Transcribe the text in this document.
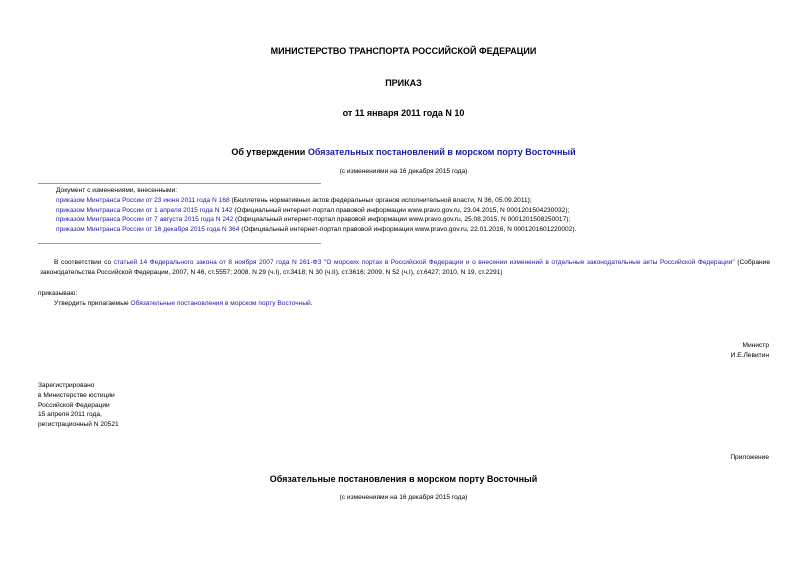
МИНИСТЕРСТВО ТРАНСПОРТА РОССИЙСКОЙ ФЕДЕРАЦИИ
ПРИКАЗ
от 11 января 2011 года N 10
Об утверждении Обязательных постановлений в морском порту Восточный
(с изменениями на 16 декабря 2015 года)
Документ с изменениями, внесенными:
приказом Минтранса России от 23 июня 2011 года N 168 (Бюллетень нормативных актов федеральных органов исполнительной власти, N 36, 05.09.2011);
приказом Минтранса России от 1 апреля 2015 года N 142 (Официальный интернет-портал правовой информации www.pravo.gov.ru, 23.04.2015, N 0001201504230032);
приказом Минтранса России от 7 августа 2015 года N 242 (Официальный интернет-портал правовой информации www.pravo.gov.ru, 25.08.2015, N 0001201508250017);
приказом Минтранса России от 16 декабря 2015 года N 364 (Официальный интернет-портал правовой информации www.pravo.gov.ru, 22.01.2016, N 0001201601220002).
В соответствии со статьей 14 Федерального закона от 8 ноября 2007 года N 261-ФЗ "О морских портах в Российской Федерации и о внесении изменений в отдельные законодательные акты Российской Федерации" (Собрание законодательства Российской Федерации, 2007, N 46, ст.5557; 2008, N 29 (ч.I), ст.3418; N 30 (ч.II), ст.3616; 2009, N 52 (ч.I), ст.6427; 2010, N 19, ст.2291)
приказываю:
Утвердить прилагаемые Обязательные постановления в морском порту Восточный.
Министр
И.Е.Левитин
Зарегистрировано
в Министерстве юстиции
Российской Федерации
15 апреля 2011 года,
регистрационный N 20521
Приложение
Обязательные постановления в морском порту Восточный
(с изменениями на 16 декабря 2015 года)
